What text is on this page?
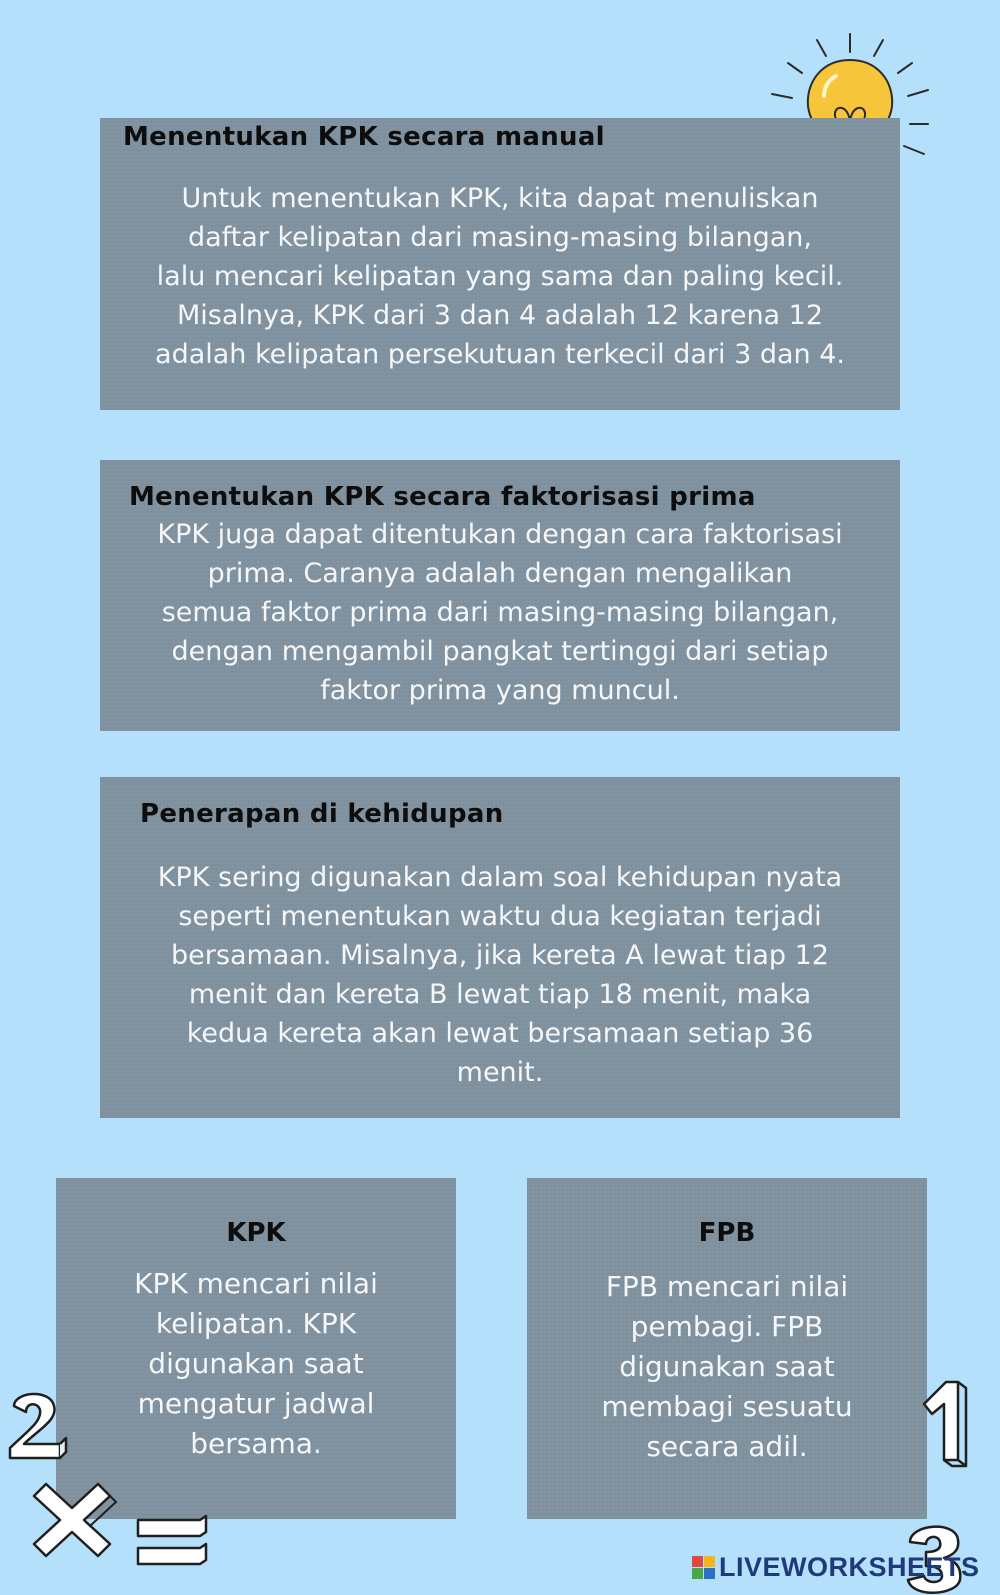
Menentukan KPK secara manual
Untuk menentukan KPK, kita dapat menuliskan
daftar kelipatan dari masing-masing bilangan,
lalu mencari kelipatan yang sama dan paling kecil.
Misalnya, KPK dari 3 dan 4 adalah 12 karena 12
adalah kelipatan persekutuan terkecil dari 3 dan 4.
Menentukan KPK secara faktorisasi prima
KPK juga dapat ditentukan dengan cara faktorisasi
prima. Caranya adalah dengan mengalikan
semua faktor prima dari masing-masing bilangan,
dengan mengambil pangkat tertinggi dari setiap
faktor prima yang muncul.
Penerapan di kehidupan
KPK sering digunakan dalam soal kehidupan nyata
seperti menentukan waktu dua kegiatan terjadi
bersamaan. Misalnya, jika kereta A lewat tiap 12
menit dan kereta B lewat tiap 18 menit, maka
kedua kereta akan lewat bersamaan setiap 36
menit.
KPK
KPK mencari nilai
kelipatan. KPK
digunakan saat
mengatur jadwal
bersama.
FPB
FPB mencari nilai
pembagi. FPB
digunakan saat
membagi sesuatu
secara adil.
LIVEWORKSHEETS
